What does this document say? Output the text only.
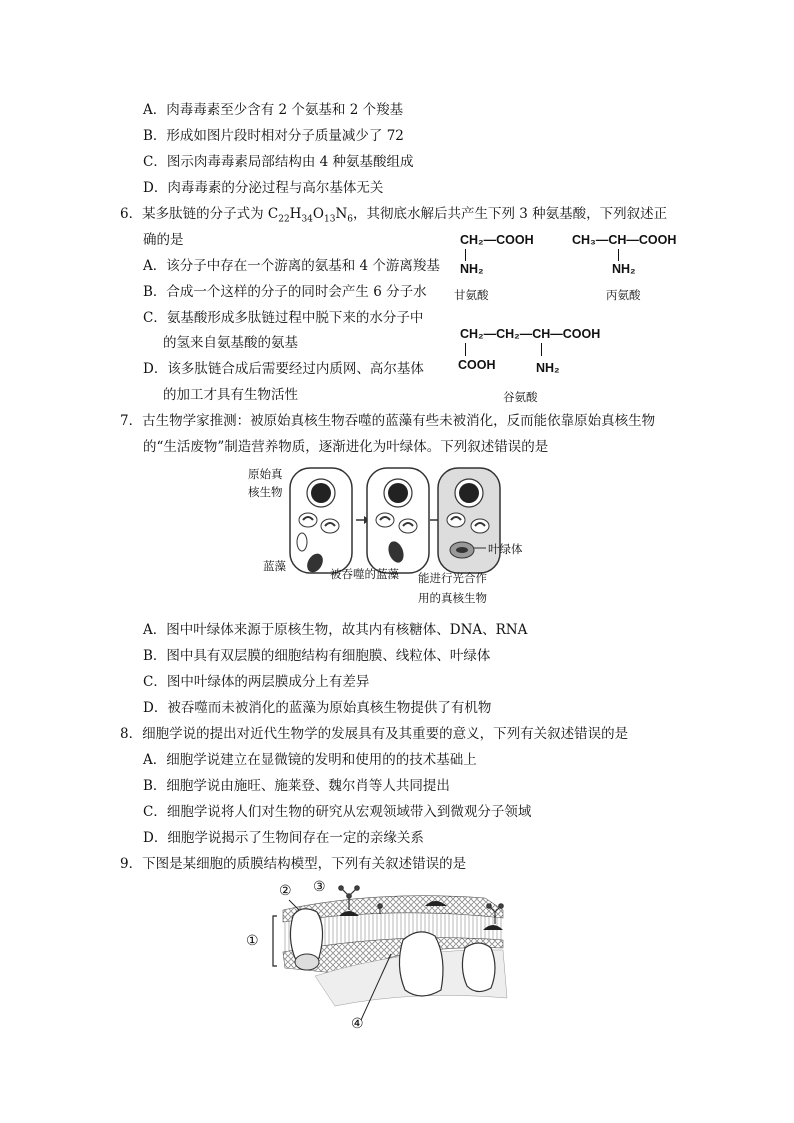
A．肉毒毒素至少含有 2 个氨基和 2 个羧基
B．形成如图片段时相对分子质量减少了 72
C．图示肉毒毒素局部结构由 4 种氨基酸组成
D．肉毒毒素的分泌过程与高尔基体无关
6．某多肽链的分子式为 $C_{22}H_{34}O_{13}N_6$，其彻底水解后共产生下列 3 种氨基酸，下列叙述正
确的是
A．该分子中存在一个游离的氨基和 4 个游离羧基
B．合成一个这样的分子的同时会产生 6 分子水
C．氨基酸形成多肽链过程中脱下来的水分子中
的氢来自氨基酸的氨基
D．该多肽链合成后需要经过内质网、高尔基体
的加工才具有生物活性
CH₂—COOH
NH₂
甘氨酸
CH₃—CH—COOH
NH₂
丙氨酸
CH₂—CH₂—CH—COOH
COOH	NH₂
谷氨酸
7．古生物学家推测：被原始真核生物吞噬的蓝藻有些未被消化，反而能依靠原始真核生物
的“生活废物”制造营养物质，逐渐进化为叶绿体。下列叙述错误的是
原始真
核生物
蓝藻
被吞噬的蓝藻
叶绿体
能进行光合作
用的真核生物
A．图中叶绿体来源于原核生物，故其内有核糖体、DNA、RNA
B．图中具有双层膜的细胞结构有细胞膜、线粒体、叶绿体
C．图中叶绿体的两层膜成分上有差异
D．被吞噬而未被消化的蓝藻为原始真核生物提供了有机物
8．细胞学说的提出对近代生物学的发展具有及其重要的意义，下列有关叙述错误的是
A．细胞学说建立在显微镜的发明和使用的的技术基础上
B．细胞学说由施旺、施莱登、魏尔肖等人共同提出
C．细胞学说将人们对生物的研究从宏观领域带入到微观分子领域
D．细胞学说揭示了生物间存在一定的亲缘关系
9．下图是某细胞的质膜结构模型，下列有关叙述错误的是
② ③
①
④
